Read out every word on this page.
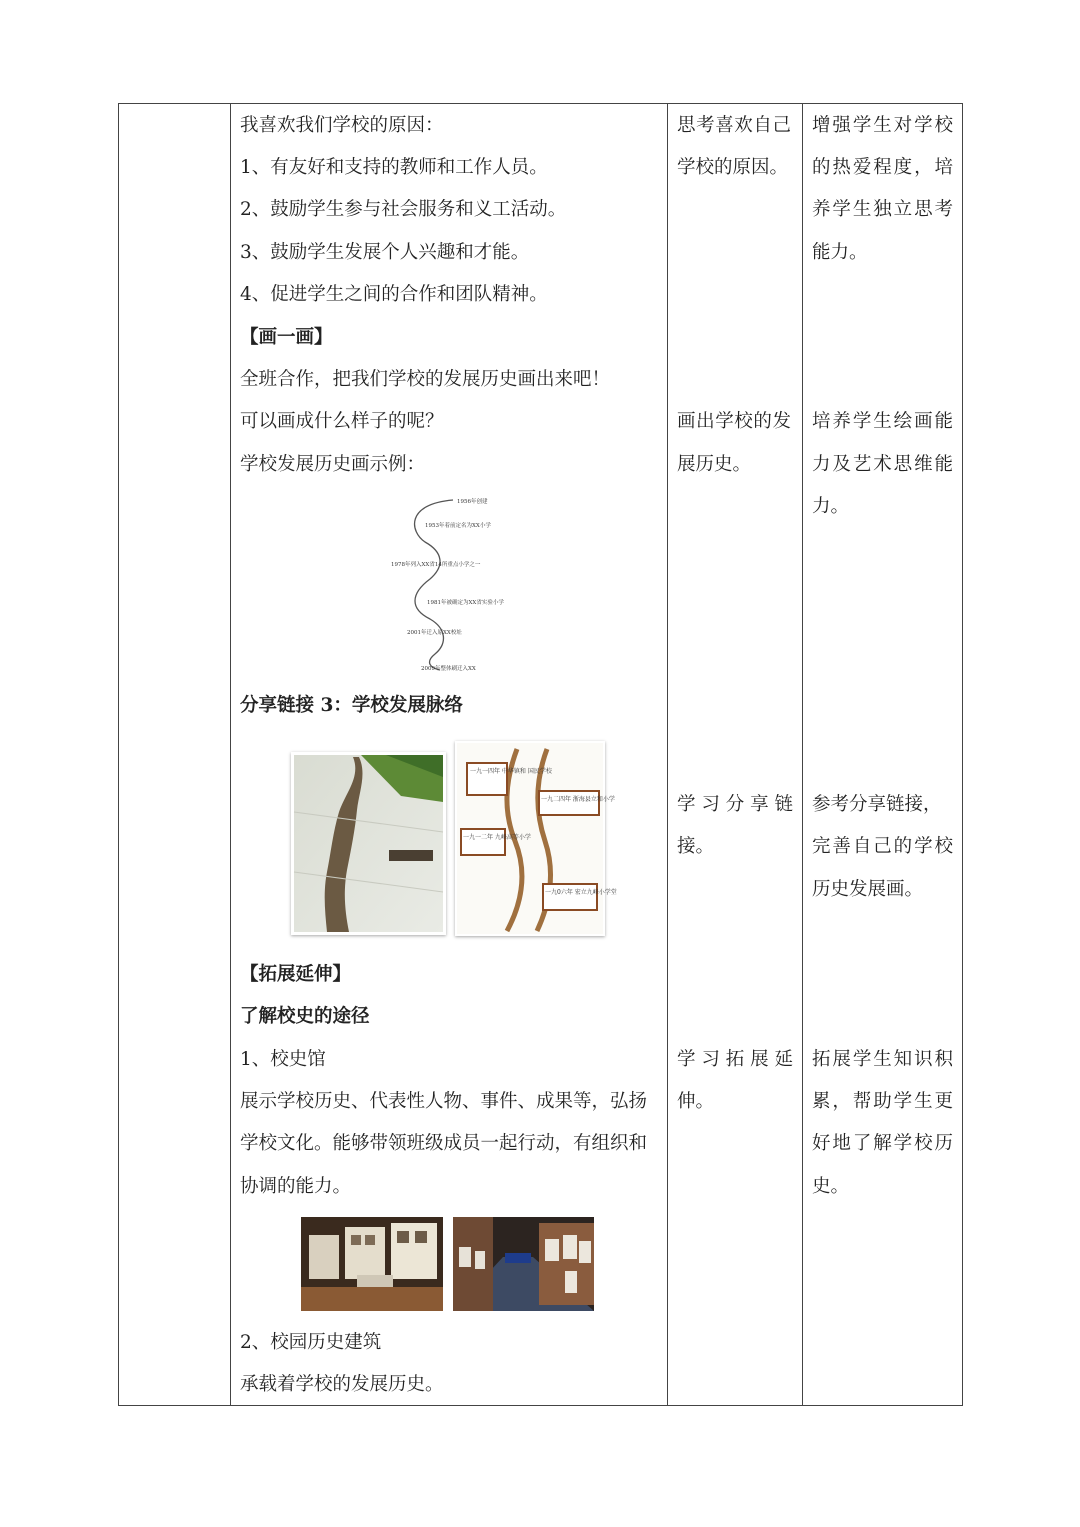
我喜欢我们学校的原因：
1、有友好和支持的教师和工作人员。
2、鼓励学生参与社会服务和义工活动。
3、鼓励学生发展个人兴趣和才能。
4、促进学生之间的合作和团队精神。
【画一画】
全班合作，把我们学校的发展历史画出来吧！
可以画成什么样子的呢？
学校发展历史画示例：
1956年创建
1953年着前定名为XX小学
1978年列入XX省14所重点小学之一
1981年被确定为XX省实验小学
2001年迁入原XX校址
2009年整体刷迁入XX
分享链接 3：学校发展脉络
一九一四年 中华镇和 国民学校
一九二四年 浙海县立和小学
一九一二年 九峰高等小学
一九0六年 宏立九峰小学堂
【拓展延伸】
了解校史的途径
1、校史馆
展示学校历史、代表性人物、事件、成果等，弘扬
学校文化。能够带领班级成员一起行动，有组织和
协调的能力。
2、校园历史建筑
承载着学校的发展历史。
思考喜欢自己
学校的原因。
画出学校的发
展历史。
学 习 分 享 链
接。
学 习 拓 展 延
伸。
增强学生对学校
的热爱程度，培
养学生独立思考
能力。
培养学生绘画能
力及艺术思维能
力。
参考分享链接，
完善自己的学校
历史发展画。
拓展学生知识积
累，帮助学生更
好地了解学校历
史。
